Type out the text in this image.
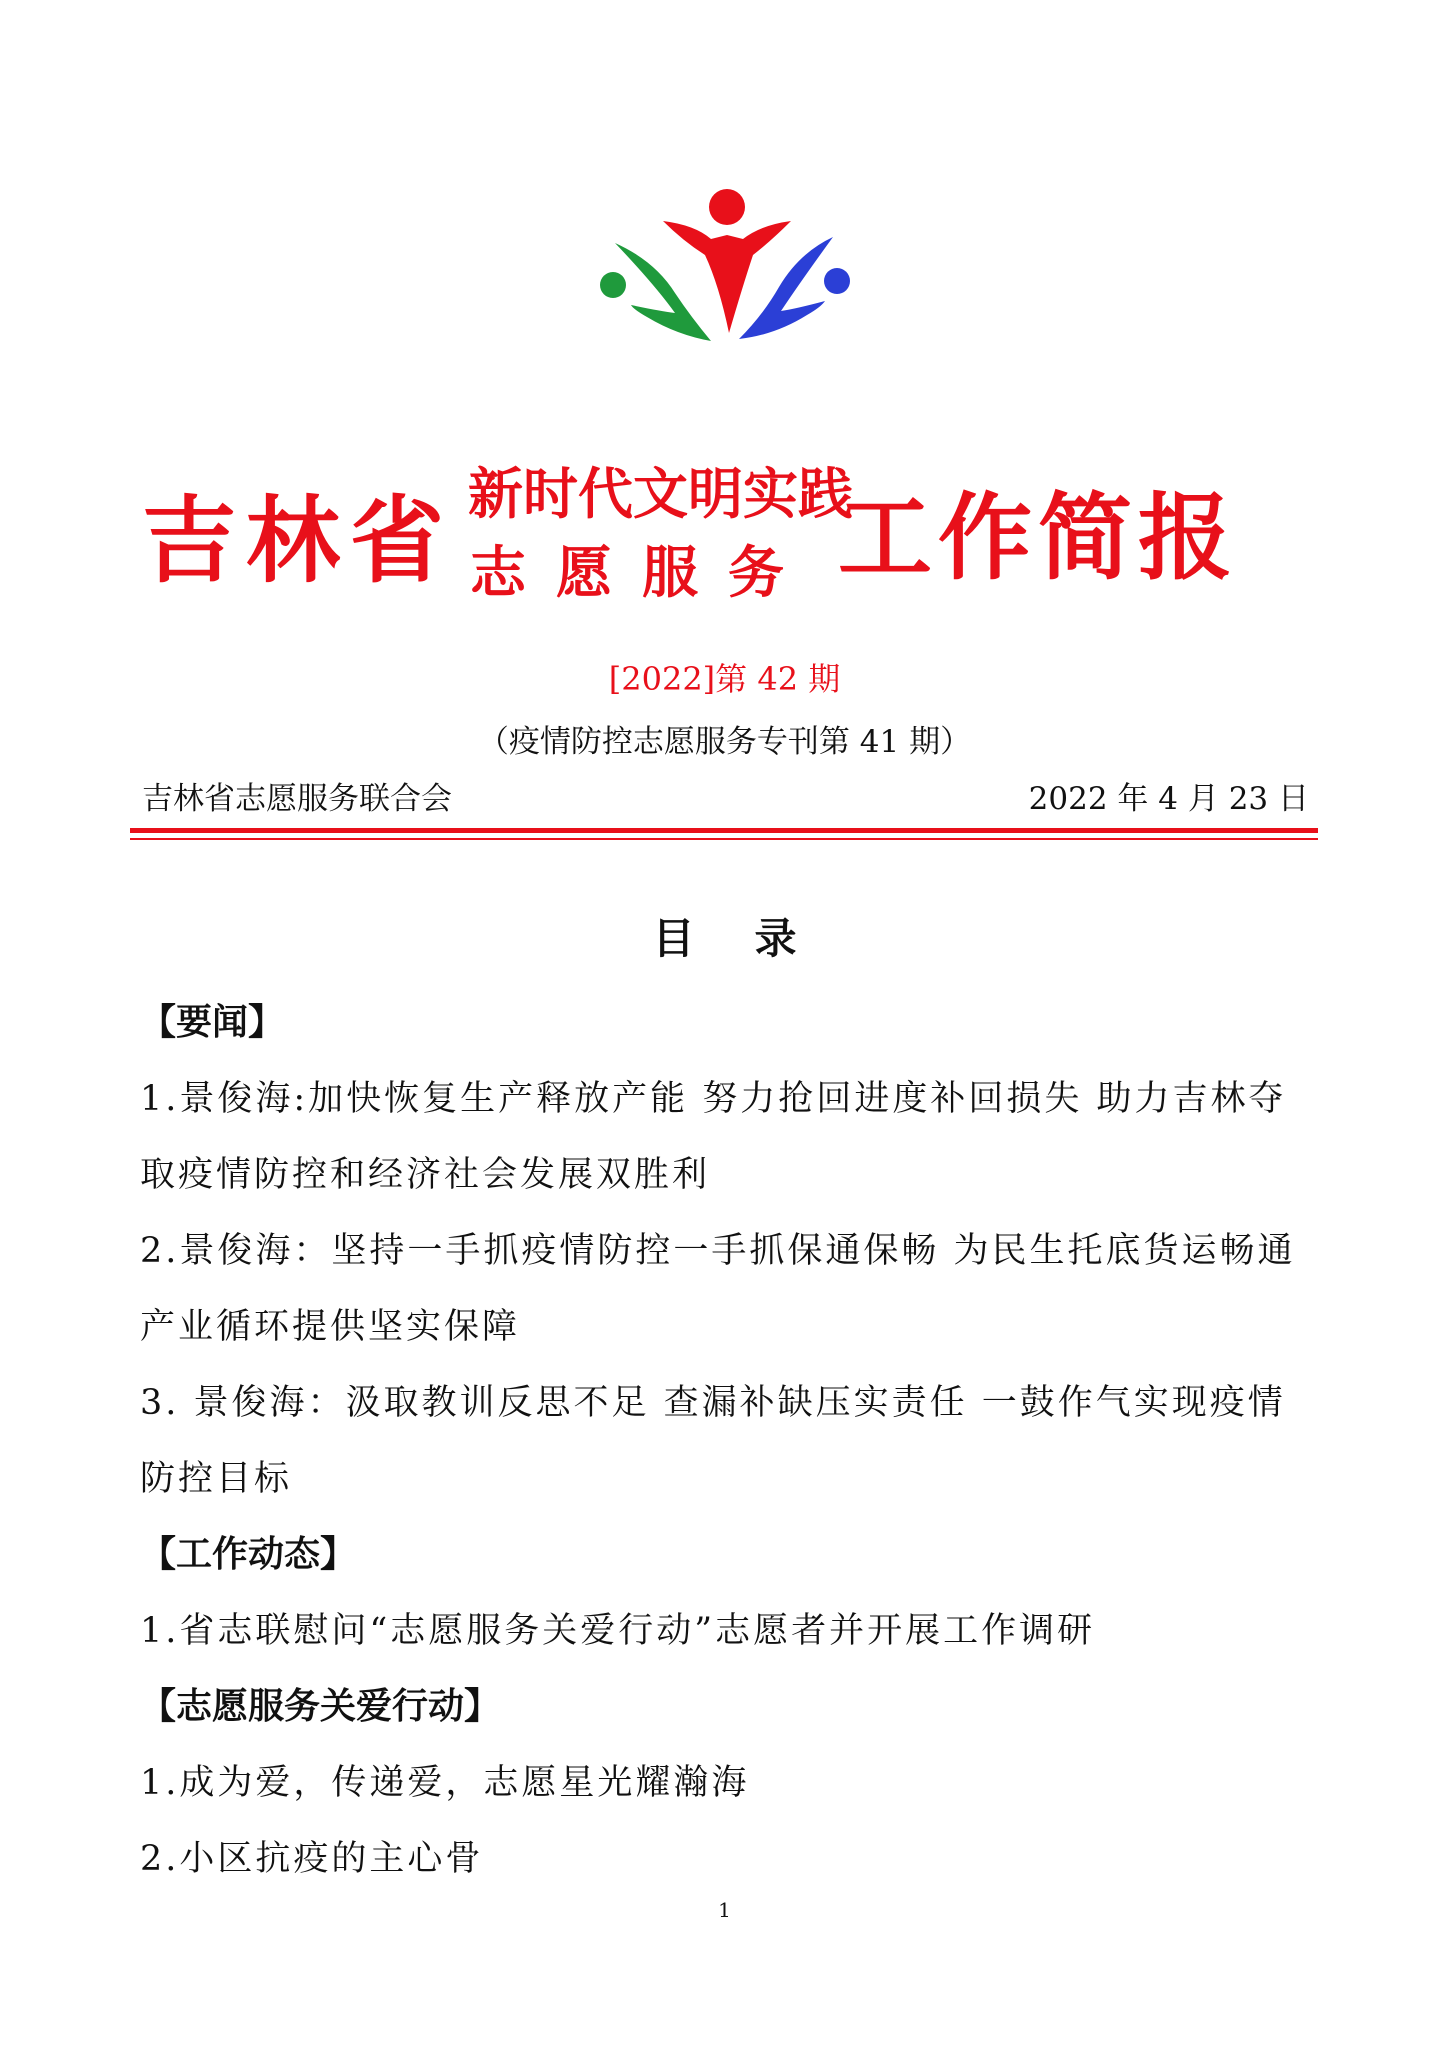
吉林省 新时代文明实践
志愿服务 工作简报
[2022]第 42 期
（疫情防控志愿服务专刊第 41 期）
吉林省志愿服务联合会	2022 年 4 月 23 日
目录

【要闻】

1.景俊海:加快恢复生产释放产能 努力抢回进度补回损失 助力吉林夺取疫情防控和经济社会发展双胜利

2.景俊海：坚持一手抓疫情防控一手抓保通保畅 为民生托底货运畅通产业循环提供坚实保障

3. 景俊海：汲取教训反思不足 查漏补缺压实责任 一鼓作气实现疫情防控目标

【工作动态】

1.省志联慰问“志愿服务关爱行动”志愿者并开展工作调研

【志愿服务关爱行动】

1.成为爱，传递爱，志愿星光耀瀚海

2.小区抗疫的主心骨

1
